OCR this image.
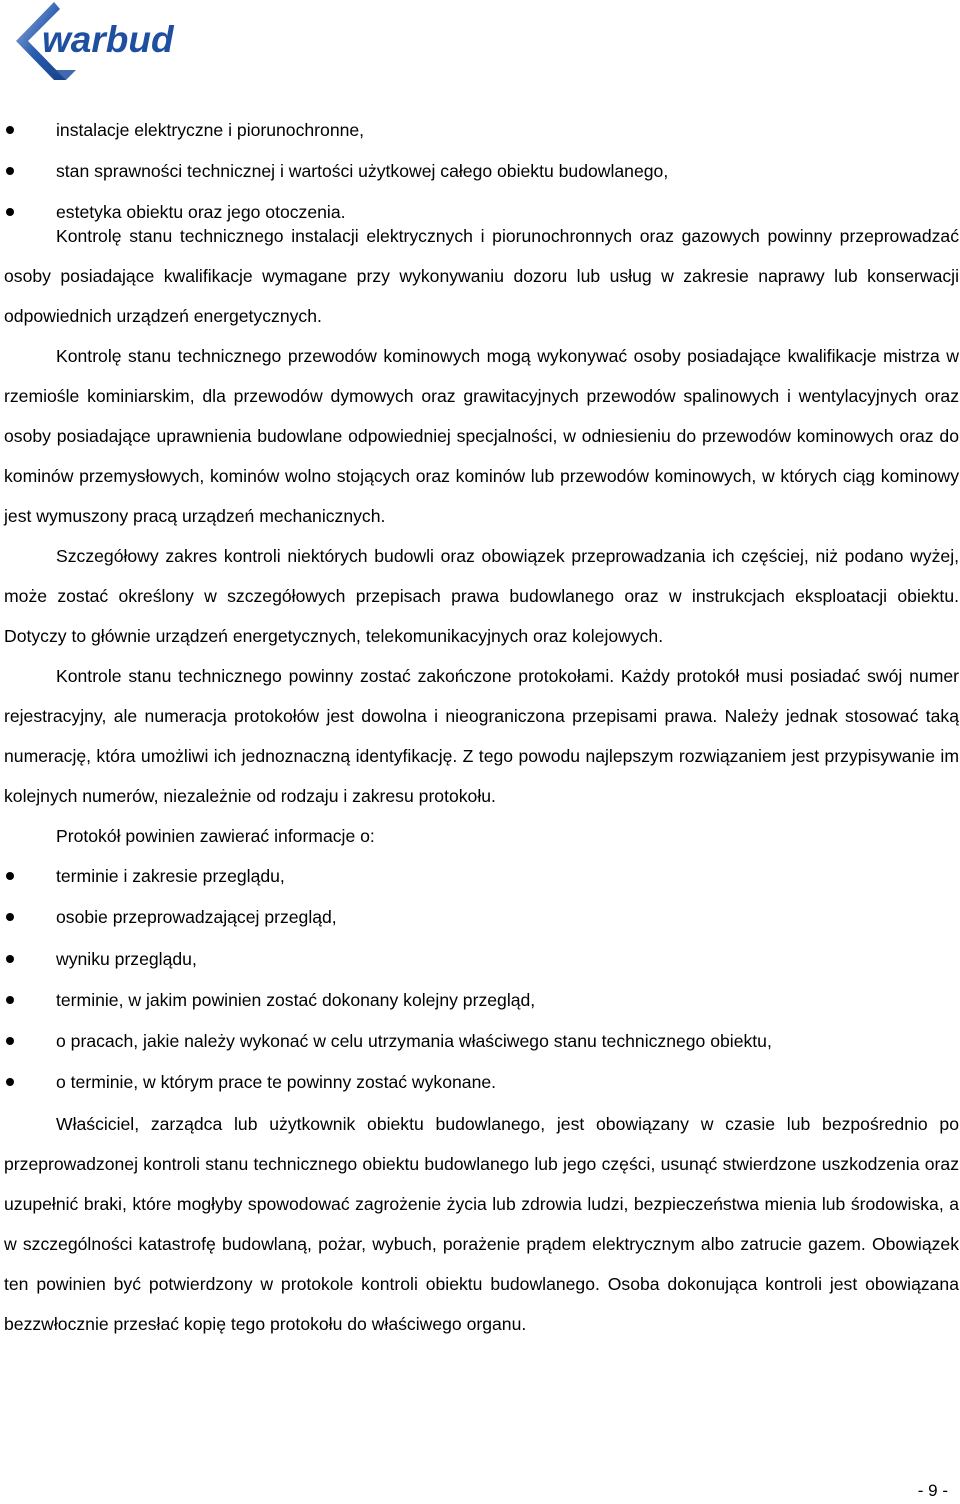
warbud
instalacje elektryczne i piorunochronne,
stan sprawności technicznej i wartości użytkowej całego obiektu budowlanego,
estetyka obiektu oraz jego otoczenia.

Kontrolę stanu technicznego instalacji elektrycznych i piorunochronnych oraz gazowych powinny przeprowadzać osoby posiadające kwalifikacje wymagane przy wykonywaniu dozoru lub usług w zakresie naprawy lub konserwacji odpowiednich urządzeń energetycznych.

Kontrolę stanu technicznego przewodów kominowych mogą wykonywać osoby posiadające kwalifikacje mistrza w rzemiośle kominiarskim, dla przewodów dymowych oraz grawitacyjnych przewodów spalinowych i wentylacyjnych oraz osoby posiadające uprawnienia budowlane odpowiedniej specjalności, w odniesieniu do przewodów kominowych oraz do kominów przemysłowych, kominów wolno stojących oraz kominów lub przewodów kominowych, w których ciąg kominowy jest wymuszony pracą urządzeń mechanicznych.

Szczegółowy zakres kontroli niektórych budowli oraz obowiązek przeprowadzania ich częściej, niż podano wyżej, może zostać określony w szczegółowych przepisach prawa budowlanego oraz w instrukcjach eksploatacji obiektu. Dotyczy to głównie urządzeń energetycznych, telekomunikacyjnych oraz kolejowych.

Kontrole stanu technicznego powinny zostać zakończone protokołami. Każdy protokół musi posiadać swój numer rejestracyjny, ale numeracja protokołów jest dowolna i nieograniczona przepisami prawa. Należy jednak stosować taką numerację, która umożliwi ich jednoznaczną identyfikację. Z tego powodu najlepszym rozwiązaniem jest przypisywanie im kolejnych numerów, niezależnie od rodzaju i zakresu protokołu.

Protokół powinien zawierać informacje o:
terminie i zakresie przeglądu,
osobie przeprowadzającej przegląd,
wyniku przeglądu,
terminie, w jakim powinien zostać dokonany kolejny przegląd,
o pracach, jakie należy wykonać w celu utrzymania właściwego stanu technicznego obiektu,
o terminie, w którym prace te powinny zostać wykonane.

Właściciel, zarządca lub użytkownik obiektu budowlanego, jest obowiązany w czasie lub bezpośrednio po przeprowadzonej kontroli stanu technicznego obiektu budowlanego lub jego części, usunąć stwierdzone uszkodzenia oraz uzupełnić braki, które mogłyby spowodować zagrożenie życia lub zdrowia ludzi, bezpieczeństwa mienia lub środowiska, a w szczególności katastrofę budowlaną, pożar, wybuch, porażenie prądem elektrycznym albo zatrucie gazem. Obowiązek ten powinien być potwierdzony w protokole kontroli obiektu budowlanego. Osoba dokonująca kontroli jest obowiązana bezzwłocznie przesłać kopię tego protokołu do właściwego organu.

- 9 -
